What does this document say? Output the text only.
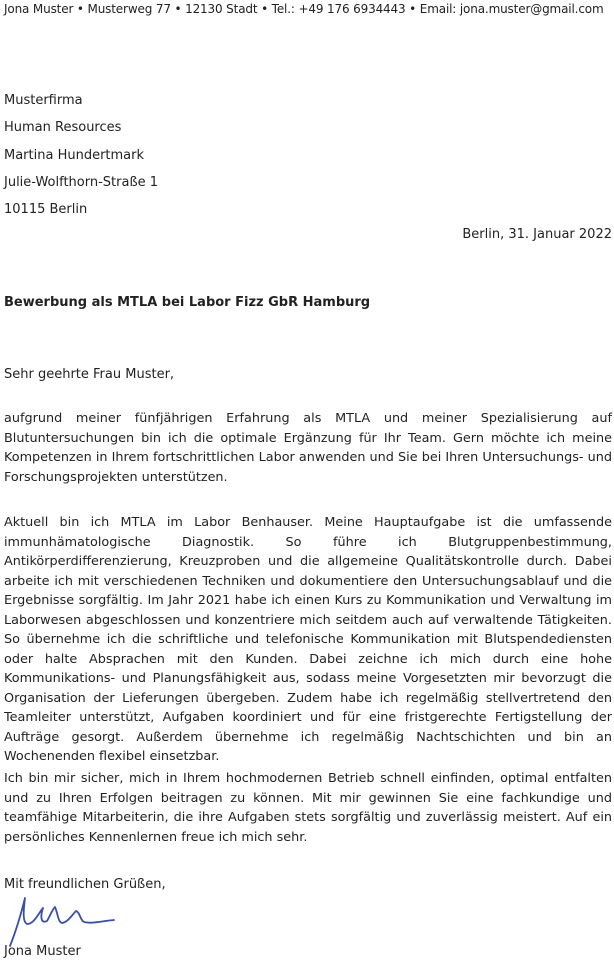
Jona Muster • Musterweg 77 • 12130 Stadt • Tel.: +49 176 6934443 • Email: jona.muster@gmail.com
Musterfirma
Human Resources
Martina Hundertmark
Julie-Wolfthorn-Straße 1
10115 Berlin
Berlin, 31. Januar 2022
Bewerbung als MTLA bei Labor Fizz GbR Hamburg
Sehr geehrte Frau Muster,

aufgrund meiner fünfjährigen Erfahrung als MTLA und meiner Spezialisierung auf Blutuntersuchungen bin ich die optimale Ergänzung für Ihr Team. Gern möchte ich meine Kompetenzen in Ihrem fortschrittlichen Labor anwenden und Sie bei Ihren Untersuchungs- und Forschungsprojekten unterstützen.

Aktuell bin ich MTLA im Labor Benhauser. Meine Hauptaufgabe ist die umfassende immunhämatologische Diagnostik. So führe ich Blutgruppenbestimmung, Antikörperdifferenzierung, Kreuzproben und die allgemeine Qualitätskontrolle durch. Dabei arbeite ich mit verschiedenen Techniken und dokumentiere den Untersuchungsablauf und die Ergebnisse sorgfältig. Im Jahr 2021 habe ich einen Kurs zu Kommunikation und Verwaltung im Laborwesen abgeschlossen und konzentriere mich seitdem auch auf verwaltende Tätigkeiten. So übernehme ich die schriftliche und telefonische Kommunikation mit Blutspendediensten oder halte Absprachen mit den Kunden. Dabei zeichne ich mich durch eine hohe Kommunikations- und Planungsfähigkeit aus, sodass meine Vorgesetzten mir bevorzugt die Organisation der Lieferungen übergeben. Zudem habe ich regelmäßig stellvertretend den Teamleiter unterstützt, Aufgaben koordiniert und für eine fristgerechte Fertigstellung der Aufträge gesorgt. Außerdem übernehme ich regelmäßig Nachtschichten und bin an Wochenenden flexibel einsetzbar.

Ich bin mir sicher, mich in Ihrem hochmodernen Betrieb schnell einfinden, optimal entfalten und zu Ihren Erfolgen beitragen zu können. Mit mir gewinnen Sie eine fachkundige und teamfähige Mitarbeiterin, die ihre Aufgaben stets sorgfältig und zuverlässig meistert. Auf ein persönliches Kennenlernen freue ich mich sehr.

Mit freundlichen Grüßen,
Jona Muster
